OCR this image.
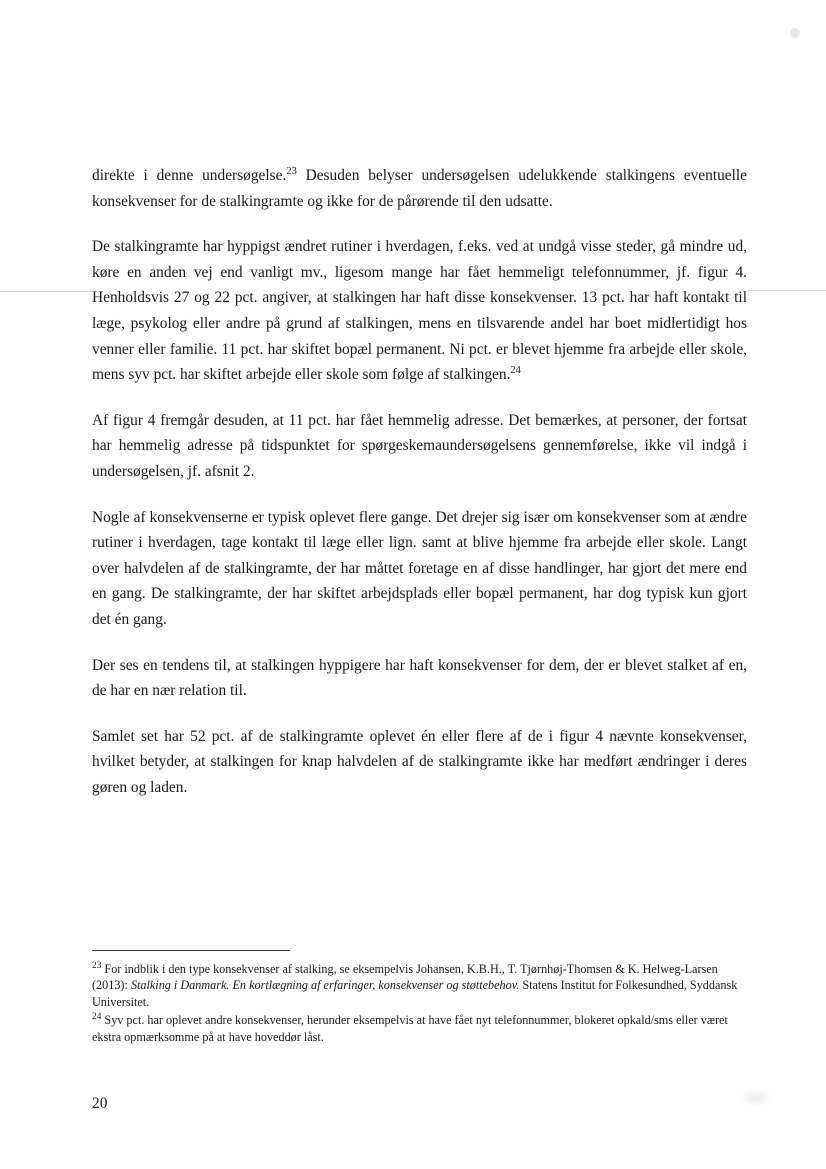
direkte i denne undersøgelse.$^{23}$ Desuden belyser undersøgelsen udelukkende stalkingens eventuelle konsekvenser for de stalkingramte og ikke for de pårørende til den udsatte.

De stalkingramte har hyppigst ændret rutiner i hverdagen, f.eks. ved at undgå visse steder, gå mindre ud, køre en anden vej end vanligt mv., ligesom mange har fået hemmeligt telefonnummer, jf. figur 4. Henholdsvis 27 og 22 pct. angiver, at stalkingen har haft disse konsekvenser. 13 pct. har haft kontakt til læge, psykolog eller andre på grund af stalkingen, mens en tilsvarende andel har boet midlertidigt hos venner eller familie. 11 pct. har skiftet bopæl permanent. Ni pct. er blevet hjemme fra arbejde eller skole, mens syv pct. har skiftet arbejde eller skole som følge af stalkingen.$^{24}$

Af figur 4 fremgår desuden, at 11 pct. har fået hemmelig adresse. Det bemærkes, at personer, der fortsat har hemmelig adresse på tidspunktet for spørgeskemaundersøgelsens gennemførelse, ikke vil indgå i undersøgelsen, jf. afsnit 2.

Nogle af konsekvenserne er typisk oplevet flere gange. Det drejer sig især om konsekvenser som at ændre rutiner i hverdagen, tage kontakt til læge eller lign. samt at blive hjemme fra arbejde eller skole. Langt over halvdelen af de stalkingramte, der har måttet foretage en af disse handlinger, har gjort det mere end en gang. De stalkingramte, der har skiftet arbejdsplads eller bopæl permanent, har dog typisk kun gjort det én gang.

Der ses en tendens til, at stalkingen hyppigere har haft konsekvenser for dem, der er blevet stalket af en, de har en nær relation til.

Samlet set har 52 pct. af de stalkingramte oplevet én eller flere af de i figur 4 nævnte konsekvenser, hvilket betyder, at stalkingen for knap halvdelen af de stalkingramte ikke har medført ændringer i deres gøren og laden.

$^{23}$ For indblik i den type konsekvenser af stalking, se eksempelvis Johansen, K.B.H., T. Tjørnhøj-Thomsen & K. Helweg-Larsen (2013): Stalking i Danmark. En kortlægning af erfaringer, konsekvenser og støttebehov. Statens Institut for Folkesundhed, Syddansk Universitet.

$^{24}$ Syv pct. har oplevet andre konsekvenser, herunder eksempelvis at have fået nyt telefonnummer, blokeret opkald/sms eller været ekstra opmærksomme på at have hoveddør låst.

20
